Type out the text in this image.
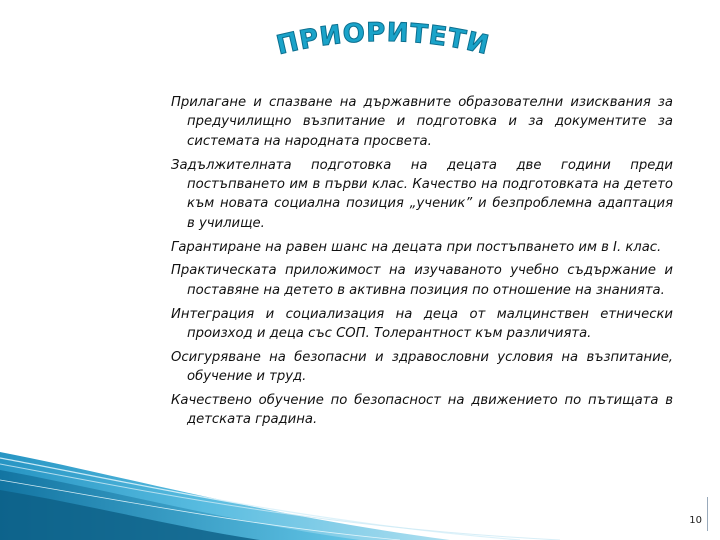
ПРИОРИТЕТИ

Прилагане и спазване на държавните образователни изисквания за предучилищно възпитание и подготовка и за документите за системата на народната просвета.

Задължителната подготовка на децата две години преди постъпването им в първи клас. Качество на подготовката на детето към новата социална позиция „ученик” и безпроблемна адаптация в училище.

Гарантиране на равен шанс на децата при постъпването им в I. клас.

Практическата приложимост на изучаваното учебно съдържание и поставяне на детето в активна позиция по отношение на знанията.

Интеграция и социализация на деца от малцинствен етнически произход и деца със СОП. Толерантност към различията.

Осигуряване на безопасни и здравословни условия на възпитание, обучение и труд.

Качествено обучение по безопасност на движението по пътищата в детската градина.

10
